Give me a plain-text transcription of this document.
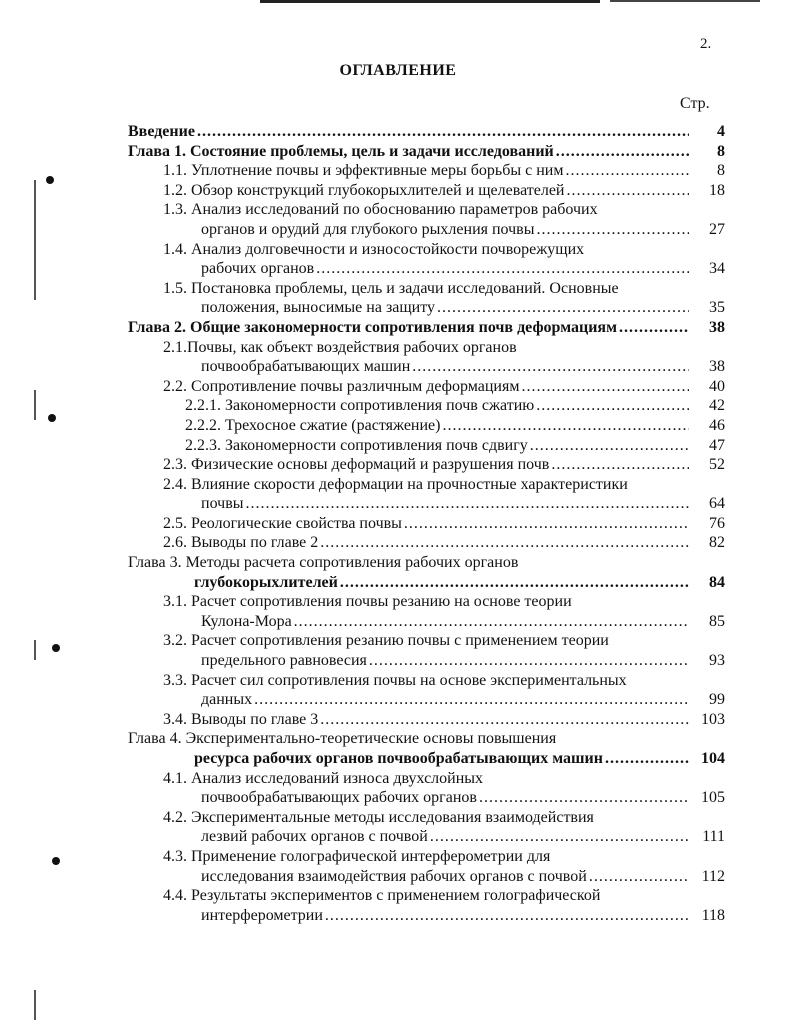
2.
ОГЛАВЛЕНИЕ
Стр.
Введение . . .	4
Глава 1. Состояние проблемы, цель и задачи исследований . . .	8
1.1. Уплотнение почвы и эффективные меры борьбы с ним . . .	8
1.2. Обзор конструкций глубокорыхлителей и щелевателей . . .	18
1.3. Анализ исследований по обоснованию параметров рабочих
органов и орудий для глубокого рыхления почвы . . .	27
1.4. Анализ долговечности и износостойкости почворежущих
рабочих органов . . .	34
1.5. Постановка проблемы, цель и задачи исследований. Основные
положения, выносимые на защиту . . .	35
Глава 2. Общие закономерности сопротивления почв деформациям . . .	38
2.1.Почвы, как объект воздействия рабочих органов
почвообрабатывающих машин . . .	38
2.2. Сопротивление почвы различным деформациям . . .	40
2.2.1. Закономерности сопротивления почв сжатию . . .	42
2.2.2. Трехосное сжатие (растяжение) . . .	46
2.2.3. Закономерности сопротивления почв сдвигу . . .	47
2.3. Физические основы деформаций и разрушения почв . . .	52
2.4. Влияние скорости деформации на прочностные характеристики
почвы . . .	64
2.5. Реологические свойства почвы . . .	76
2.6. Выводы по главе 2 . . .	82
Глава 3. Методы расчета сопротивления рабочих органов
глубокорыхлителей . . .	84
3.1. Расчет сопротивления почвы резанию на основе теории
Кулона-Мора . . .	85
3.2. Расчет сопротивления резанию почвы с применением теории
предельного равновесия . . .	93
3.3. Расчет сил сопротивления почвы на основе экспериментальных
данных . . .	99
3.4. Выводы по главе 3 . . .	103
Глава 4. Экспериментально-теоретические основы повышения
ресурса рабочих органов почвообрабатывающих машин . . .	104
4.1. Анализ исследований износа двухслойных
почвообрабатывающих рабочих органов . . .	105
4.2. Экспериментальные методы исследования взаимодействия
лезвий рабочих органов с почвой . . .	111
4.3. Применение голографической интерферометрии для
исследования взаимодействия рабочих органов с почвой . . .	112
4.4. Результаты экспериментов с применением голографической
интерферометрии . . .	118
